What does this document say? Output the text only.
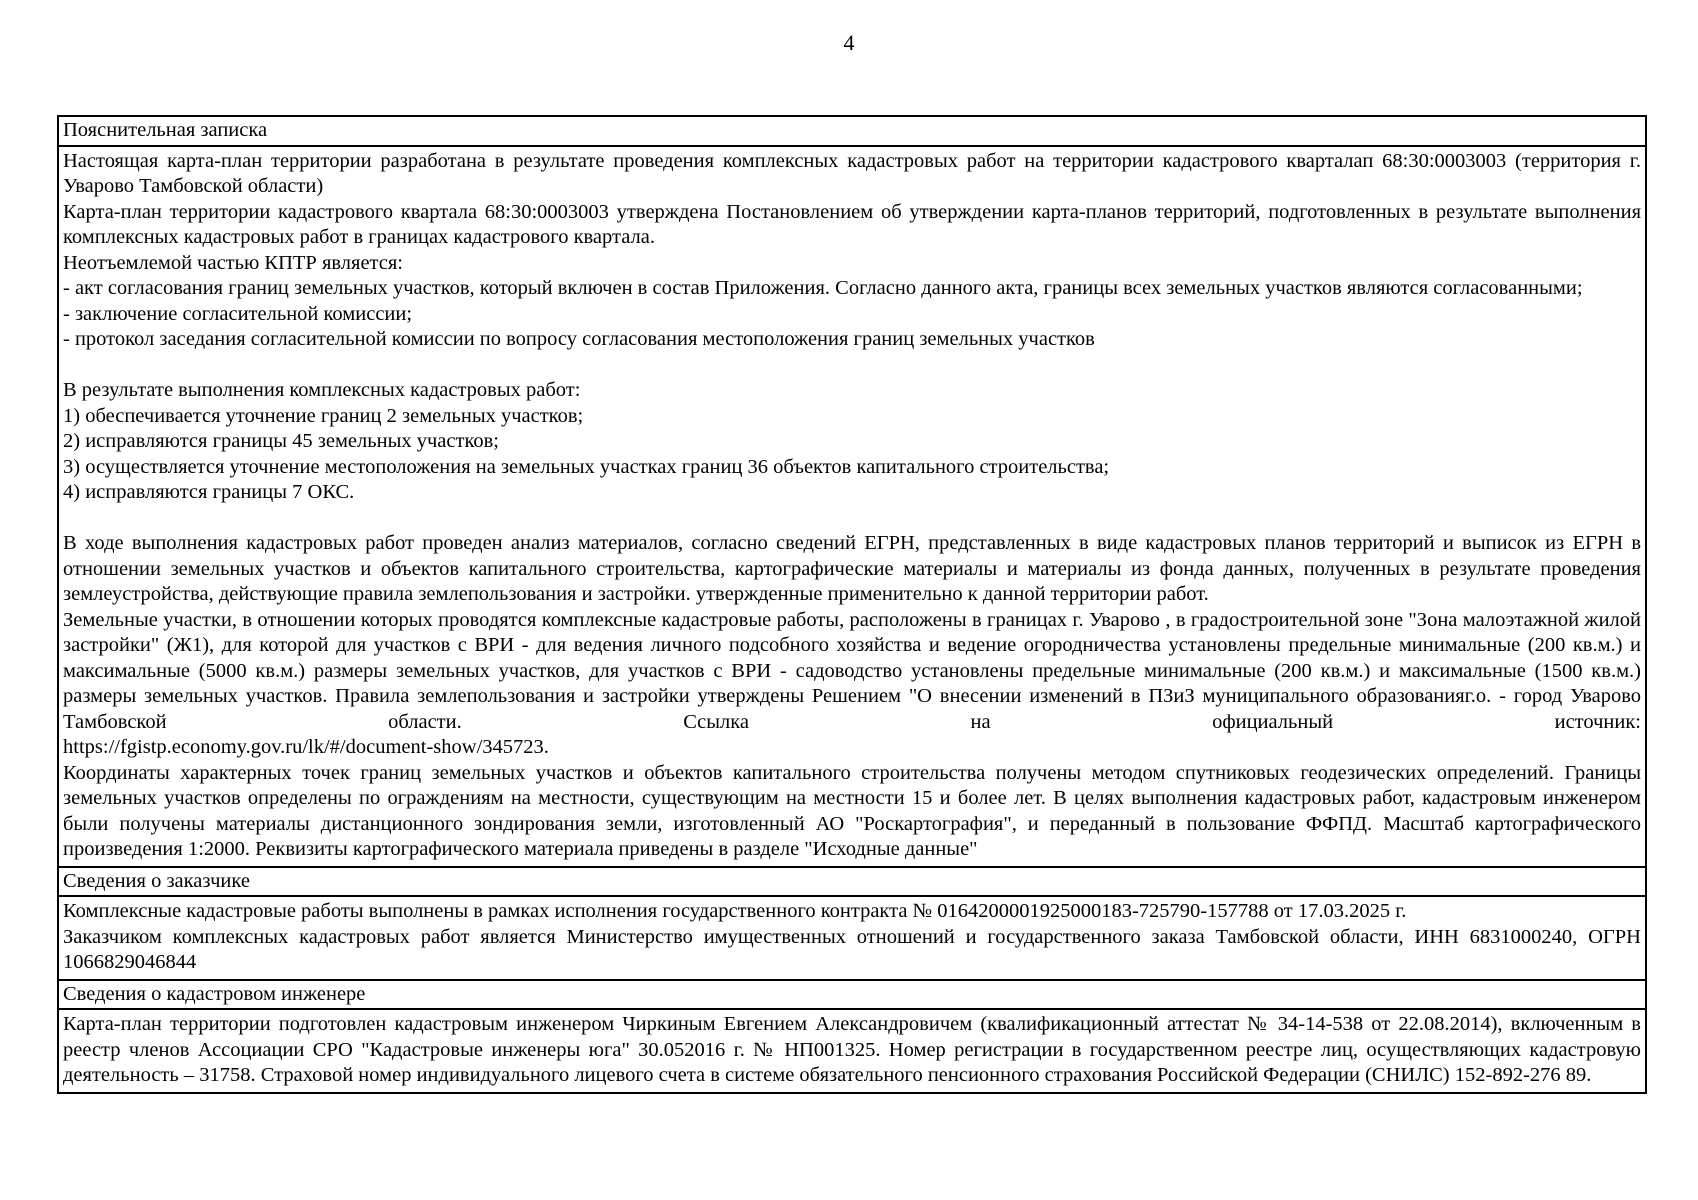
4
Пояснительная записка

Настоящая карта-план территории разработана в результате проведения комплексных кадастровых работ на территории кадастрового кварталап 68:30:0003003 (территория г. Уварово Тамбовской области)

Карта-план территории кадастрового квартала 68:30:0003003 утверждена Постановлением об утверждении карта-планов территорий, подготовленных в результате выполнения комплексных кадастровых работ в границах кадастрового квартала.

Неотъемлемой частью КПТР является:

- акт согласования границ земельных участков, который включен в состав Приложения. Согласно данного акта, границы всех земельных участков являются согласованными;

- заключение согласительной комиссии;

- протокол заседания согласительной комиссии по вопросу согласования местоположения границ земельных участков

В результате выполнения комплексных кадастровых работ:

1) обеспечивается уточнение границ 2 земельных участков;

2) исправляются границы 45 земельных участков;

3) осуществляется уточнение местоположения на земельных участках границ 36 объектов капитального строительства;

4) исправляются границы 7 ОКС.

В ходе выполнения кадастровых работ проведен анализ материалов, согласно сведений ЕГРН, представленных в виде кадастровых планов территорий и выписок из ЕГРН в отношении земельных участков и объектов капитального строительства, картографические материалы и материалы из фонда данных, полученных в результате проведения землеустройства, действующие правила землепользования и застройки. утвержденные применительно к данной территории работ.

Земельные участки, в отношении которых проводятся комплексные кадастровые работы, расположены в границах г. Уварово , в градостроительной зоне "Зона малоэтажной жилой застройки" (Ж1), для которой для участков с ВРИ - для ведения личного подсобного хозяйства и ведение огородничества установлены предельные минимальные (200 кв.м.) и максимальные (5000 кв.м.) размеры земельных участков, для участков с ВРИ - садоводство установлены предельные минимальные (200 кв.м.) и максимальные (1500 кв.м.) размеры земельных участков. Правила землепользования и застройки утверждены Решением "О внесении изменений в ПЗиЗ муниципального образованияг.о. - город Уварово Тамбовской области. Ссылка на официальный источник:

https://fgistp.economy.gov.ru/lk/#/document-show/345723.

Координаты характерных точек границ земельных участков и объектов капитального строительства получены методом спутниковых геодезических определений. Границы земельных участков определены по ограждениям на местности, существующим на местности 15 и более лет. В целях выполнения кадастровых работ, кадастровым инженером были получены материалы дистанционного зондирования земли, изготовленный АО "Роскартография", и переданный в пользование ФФПД. Масштаб картографического произведения 1:2000. Реквизиты картографического материала приведены в разделе "Исходные данные"

Сведения о заказчике

Комплексные кадастровые работы выполнены в рамках исполнения государственного контракта № 0164200001925000183-725790-157788 от 17.03.2025 г.

Заказчиком комплексных кадастровых работ является Министерство имущественных отношений и государственного заказа Тамбовской области, ИНН 6831000240, ОГРН 1066829046844

Сведения о кадастровом инженере

Карта-план территории подготовлен кадастровым инженером Чиркиным Евгением Александровичем (квалификационный аттестат № 34-14-538 от 22.08.2014), включенным в реестр членов Ассоциации СРО "Кадастровые инженеры юга" 30.052016 г. № НП001325. Номер регистрации в государственном реестре лиц, осуществляющих кадастровую деятельность – 31758. Страховой номер индивидуального лицевого счета в системе обязательного пенсионного страхования Российской Федерации (СНИЛС) 152-892-276 89.
